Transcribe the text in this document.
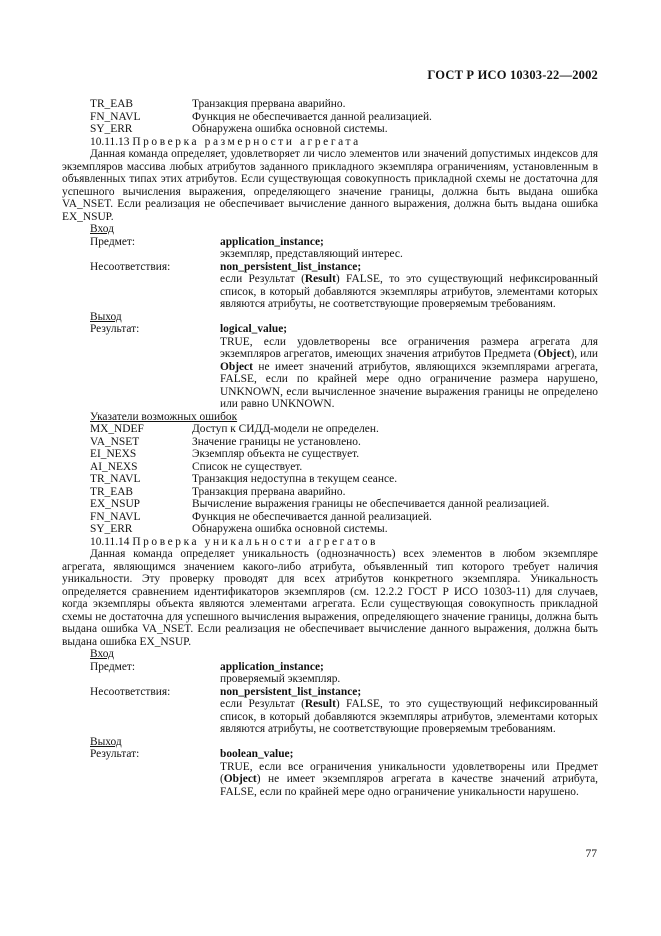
ГОСТ Р ИСО 10303-22—2002
TR_EAB	Транзакция прервана аварийно.
FN_NAVL	Функция не обеспечивается данной реализацией.
SY_ERR	Обнаружена ошибка основной системы.
10.11.13 Проверка размерности агрегата
Данная команда определяет, удовлетворяет ли число элементов или значений допустимых индексов для экземпляров массива любых атрибутов заданного прикладного экземпляра ограничениям, установленным в объявленных типах этих атрибутов. Если существующая совокупность прикладной схемы не достаточна для успешного вычисления выражения, определяющего значение границы, должна быть выдана ошибка VA_NSET. Если реализация не обеспечивает вычисление данного выражения, должна быть выдана ошибка EX_NSUP.
Вход
Предмет:	application_instance;
экземпляр, представляющий интерес.
Несоответствия:	non_persistent_list_instance;
если Результат (Result) FALSE, то это существующий нефиксированный список, в который добавляются экземпляры атрибутов, элементами которых являются атрибуты, не соответствующие проверяемым требованиям.
Выход
Результат:	logical_value;
TRUE, если удовлетворены все ограничения размера агрегата для экземпляров агрегатов, имеющих значения атрибутов Предмета (Object), или Object не имеет значений атрибутов, являющихся экземплярами агрегата, FALSE, если по крайней мере одно ограничение размера нарушено, UNKNOWN, если вычисленное значение выражения границы не определено или равно UNKNOWN.
Указатели возможных ошибок
MX_NDEF	Доступ к СИДД-модели не определен.
VA_NSET	Значение границы не установлено.
EI_NEXS	Экземпляр объекта не существует.
AI_NEXS	Список не существует.
TR_NAVL	Транзакция недоступна в текущем сеансе.
TR_EAB	Транзакция прервана аварийно.
EX_NSUP	Вычисление выражения границы не обеспечивается данной реализацией.
FN_NAVL	Функция не обеспечивается данной реализацией.
SY_ERR	Обнаружена ошибка основной системы.
10.11.14 Проверка уникальности агрегатов
Данная команда определяет уникальность (однозначность) всех элементов в любом экземпляре агрегата, являющимся значением какого-либо атрибута, объявленный тип которого требует наличия уникальности. Эту проверку проводят для всех атрибутов конкретного экземпляра. Уникальность определяется сравнением идентификаторов экземпляров (см. 12.2.2 ГОСТ Р ИСО 10303-11) для случаев, когда экземпляры объекта являются элементами агрегата. Если существующая совокупность прикладной схемы не достаточна для успешного вычисления выражения, определяющего значение границы, должна быть выдана ошибка VA_NSET. Если реализация не обеспечивает вычисление данного выражения, должна быть выдана ошибка EX_NSUP.
Вход
Предмет:	application_instance;
проверяемый экземпляр.
Несоответствия:	non_persistent_list_instance;
если Результат (Result) FALSE, то это существующий нефиксированный список, в который добавляются экземпляры атрибутов, элементами которых являются атрибуты, не соответствующие проверяемым требованиям.
Выход
Результат:	boolean_value;
TRUE, если все ограничения уникальности удовлетворены или Предмет (Object) не имеет экземпляров агрегата в качестве значений атрибута, FALSE, если по крайней мере одно ограничение уникальности нарушено.
77
